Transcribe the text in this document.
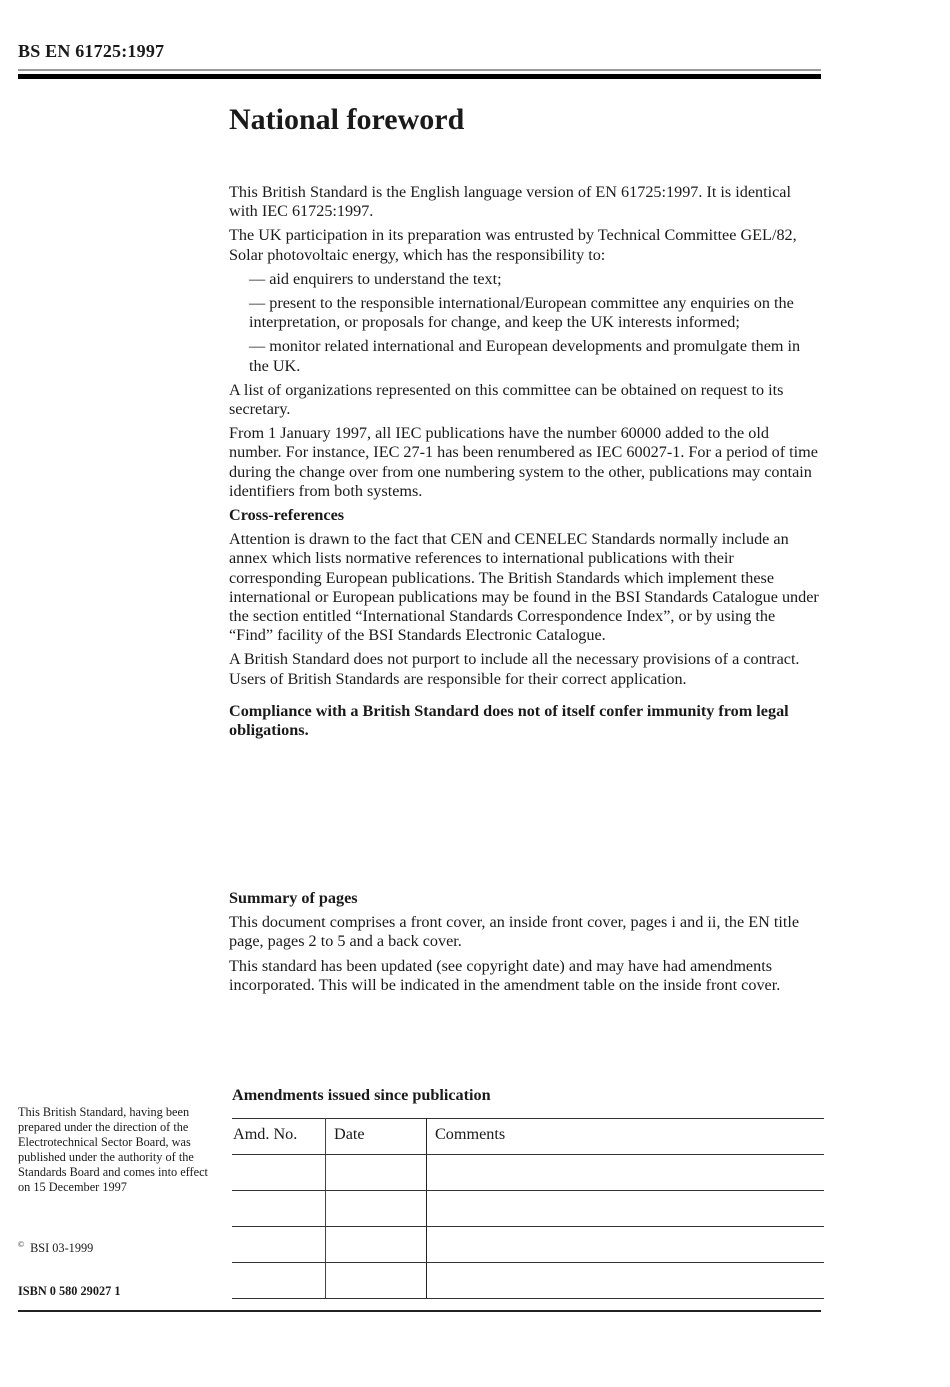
BS EN 61725:1997
National foreword

This British Standard is the English language version of EN 61725:1997. It is identical with IEC 61725:1997.

The UK participation in its preparation was entrusted by Technical Committee GEL/82, Solar photovoltaic energy, which has the responsibility to:

— aid enquirers to understand the text;

— present to the responsible international/European committee any enquiries on the interpretation, or proposals for change, and keep the UK interests informed;

— monitor related international and European developments and promulgate them in the UK.

A list of organizations represented on this committee can be obtained on request to its secretary.

From 1 January 1997, all IEC publications have the number 60000 added to the old number. For instance, IEC 27-1 has been renumbered as IEC 60027-1. For a period of time during the change over from one numbering system to the other, publications may contain identifiers from both systems.

Cross-references

Attention is drawn to the fact that CEN and CENELEC Standards normally include an annex which lists normative references to international publications with their corresponding European publications. The British Standards which implement these international or European publications may be found in the BSI Standards Catalogue under the section entitled “International Standards Correspondence Index”, or by using the “Find” facility of the BSI Standards Electronic Catalogue.

A British Standard does not purport to include all the necessary provisions of a contract. Users of British Standards are responsible for their correct application.

Compliance with a British Standard does not of itself confer immunity from legal obligations.

Summary of pages

This document comprises a front cover, an inside front cover, pages i and ii, the EN title page, pages 2 to 5 and a back cover.

This standard has been updated (see copyright date) and may have had amendments incorporated. This will be indicated in the amendment table on the inside front cover.

This British Standard, having been prepared under the direction of the Electrotechnical Sector Board, was published under the authority of the Standards Board and comes into effect on 15 December 1997
© BSI 03-1999
ISBN 0 580 29027 1
Amendments issued since publication
Amd. No.	Date	Comments
